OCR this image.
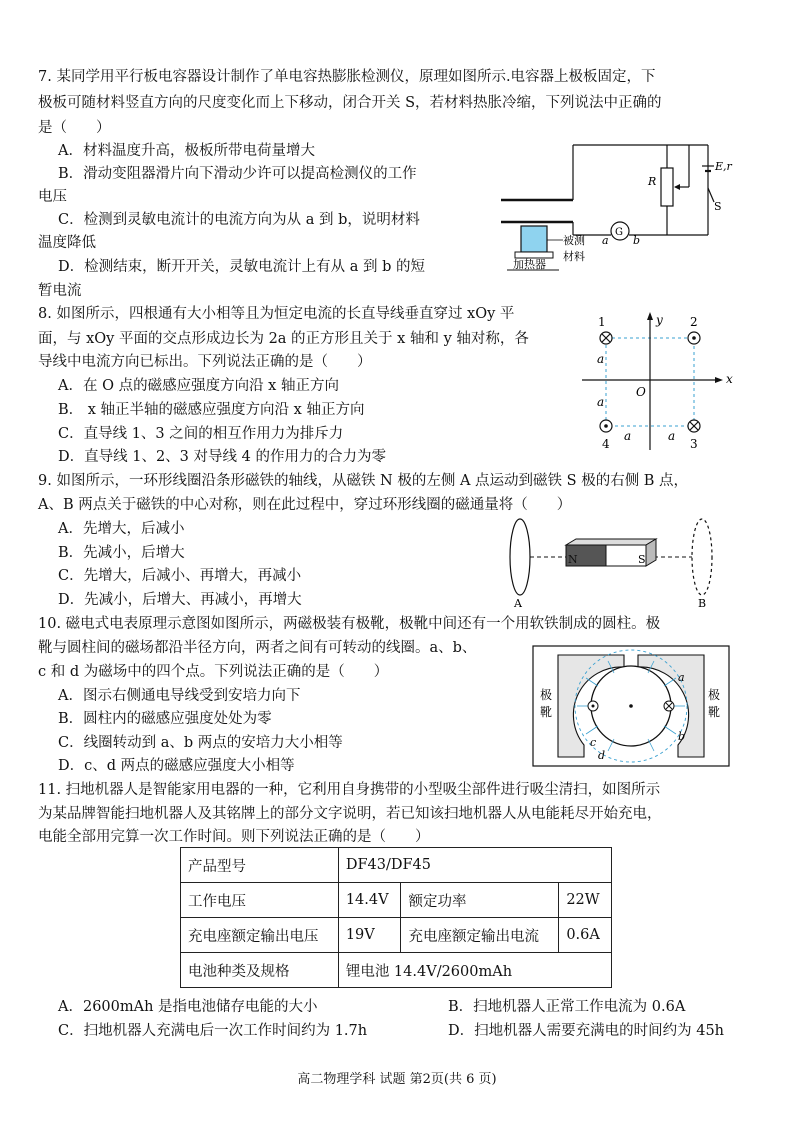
7. 某同学用平行板电容器设计制作了单电容热膨胀检测仪，原理如图所示.电容器上极板固定，下
极板可随材料竖直方向的尺度变化而上下移动，闭合开关 S，若材料热胀冷缩，下列说法中正确的
是（　　）
A．材料温度升高，极板所带电荷量增大
B．滑动变阻器滑片向下滑动少许可以提高检测仪的工作
电压
C．检测到灵敏电流计的电流方向为从 a 到 b，说明材料
温度降低
D．检测结束，断开开关，灵敏电流计上有从 a 到 b 的短
暂电流
R
E,r
S
G
a b
被测
材料
加热器
8. 如图所示，四根通有大小相等且为恒定电流的长直导线垂直穿过 xOy 平
面，与 xOy 平面的交点形成边长为 2a 的正方形且关于 x 轴和 y 轴对称，各
导线中电流方向已标出。下列说法正确的是（　　）
A．在 O 点的磁感应强度方向沿 x 轴正方向
B． x 轴正半轴的磁感应强度方向沿 x 轴正方向
C．直导线 1、3 之间的相互作用力为排斥力
D．直导线 1、2、3 对导线 4 的作用力的合力为零
x
y
O
1	2
3
4
a
a
a	a
9. 如图所示，一环形线圈沿条形磁铁的轴线，从磁铁 N 极的左侧 A 点运动到磁铁 S 极的右侧 B 点，
A、B 两点关于磁铁的中心对称，则在此过程中，穿过环形线圈的磁通量将（　　）
A．先增大，后减小
B．先减小，后增大
C．先增大，后减小、再增大，再减小
D．先减小，后增大、再减小，再增大
N	S
A	B
10. 磁电式电表原理示意图如图所示，两磁极装有极靴，极靴中间还有一个用软铁制成的圆柱。极
靴与圆柱间的磁场都沿半径方向，两者之间有可转动的线圈。a、b、
c 和 d 为磁场中的四个点。下列说法正确的是（　　）
A．图示右侧通电导线受到安培力向下
B．圆柱内的磁感应强度处处为零
C．线圈转动到 a、b 两点的安培力大小相等
D．c、d 两点的磁感应强度大小相等
极
靴
极
靴
a
b
c
d
11. 扫地机器人是智能家用电器的一种，它利用自身携带的小型吸尘部件进行吸尘清扫，如图所示
为某品牌智能扫地机器人及其铭牌上的部分文字说明，若已知该扫地机器人从电能耗尽开始充电，
电能全部用完算一次工作时间。则下列说法正确的是（　　）
产品型号	DF43/DF45		
工作电压	14.4V	额定功率	22W
充电座额定输出电压	19V	充电座额定输出电流	0.6A
电池种类及规格	锂电池 14.4V/2600mAh		
A．2600mAh 是指电池储存电能的大小	B．扫地机器人正常工作电流为 0.6A
C．扫地机器人充满电后一次工作时间约为 1.7h	D．扫地机器人需要充满电的时间约为 45h
高二物理学科 试题 第2页(共 6 页)
